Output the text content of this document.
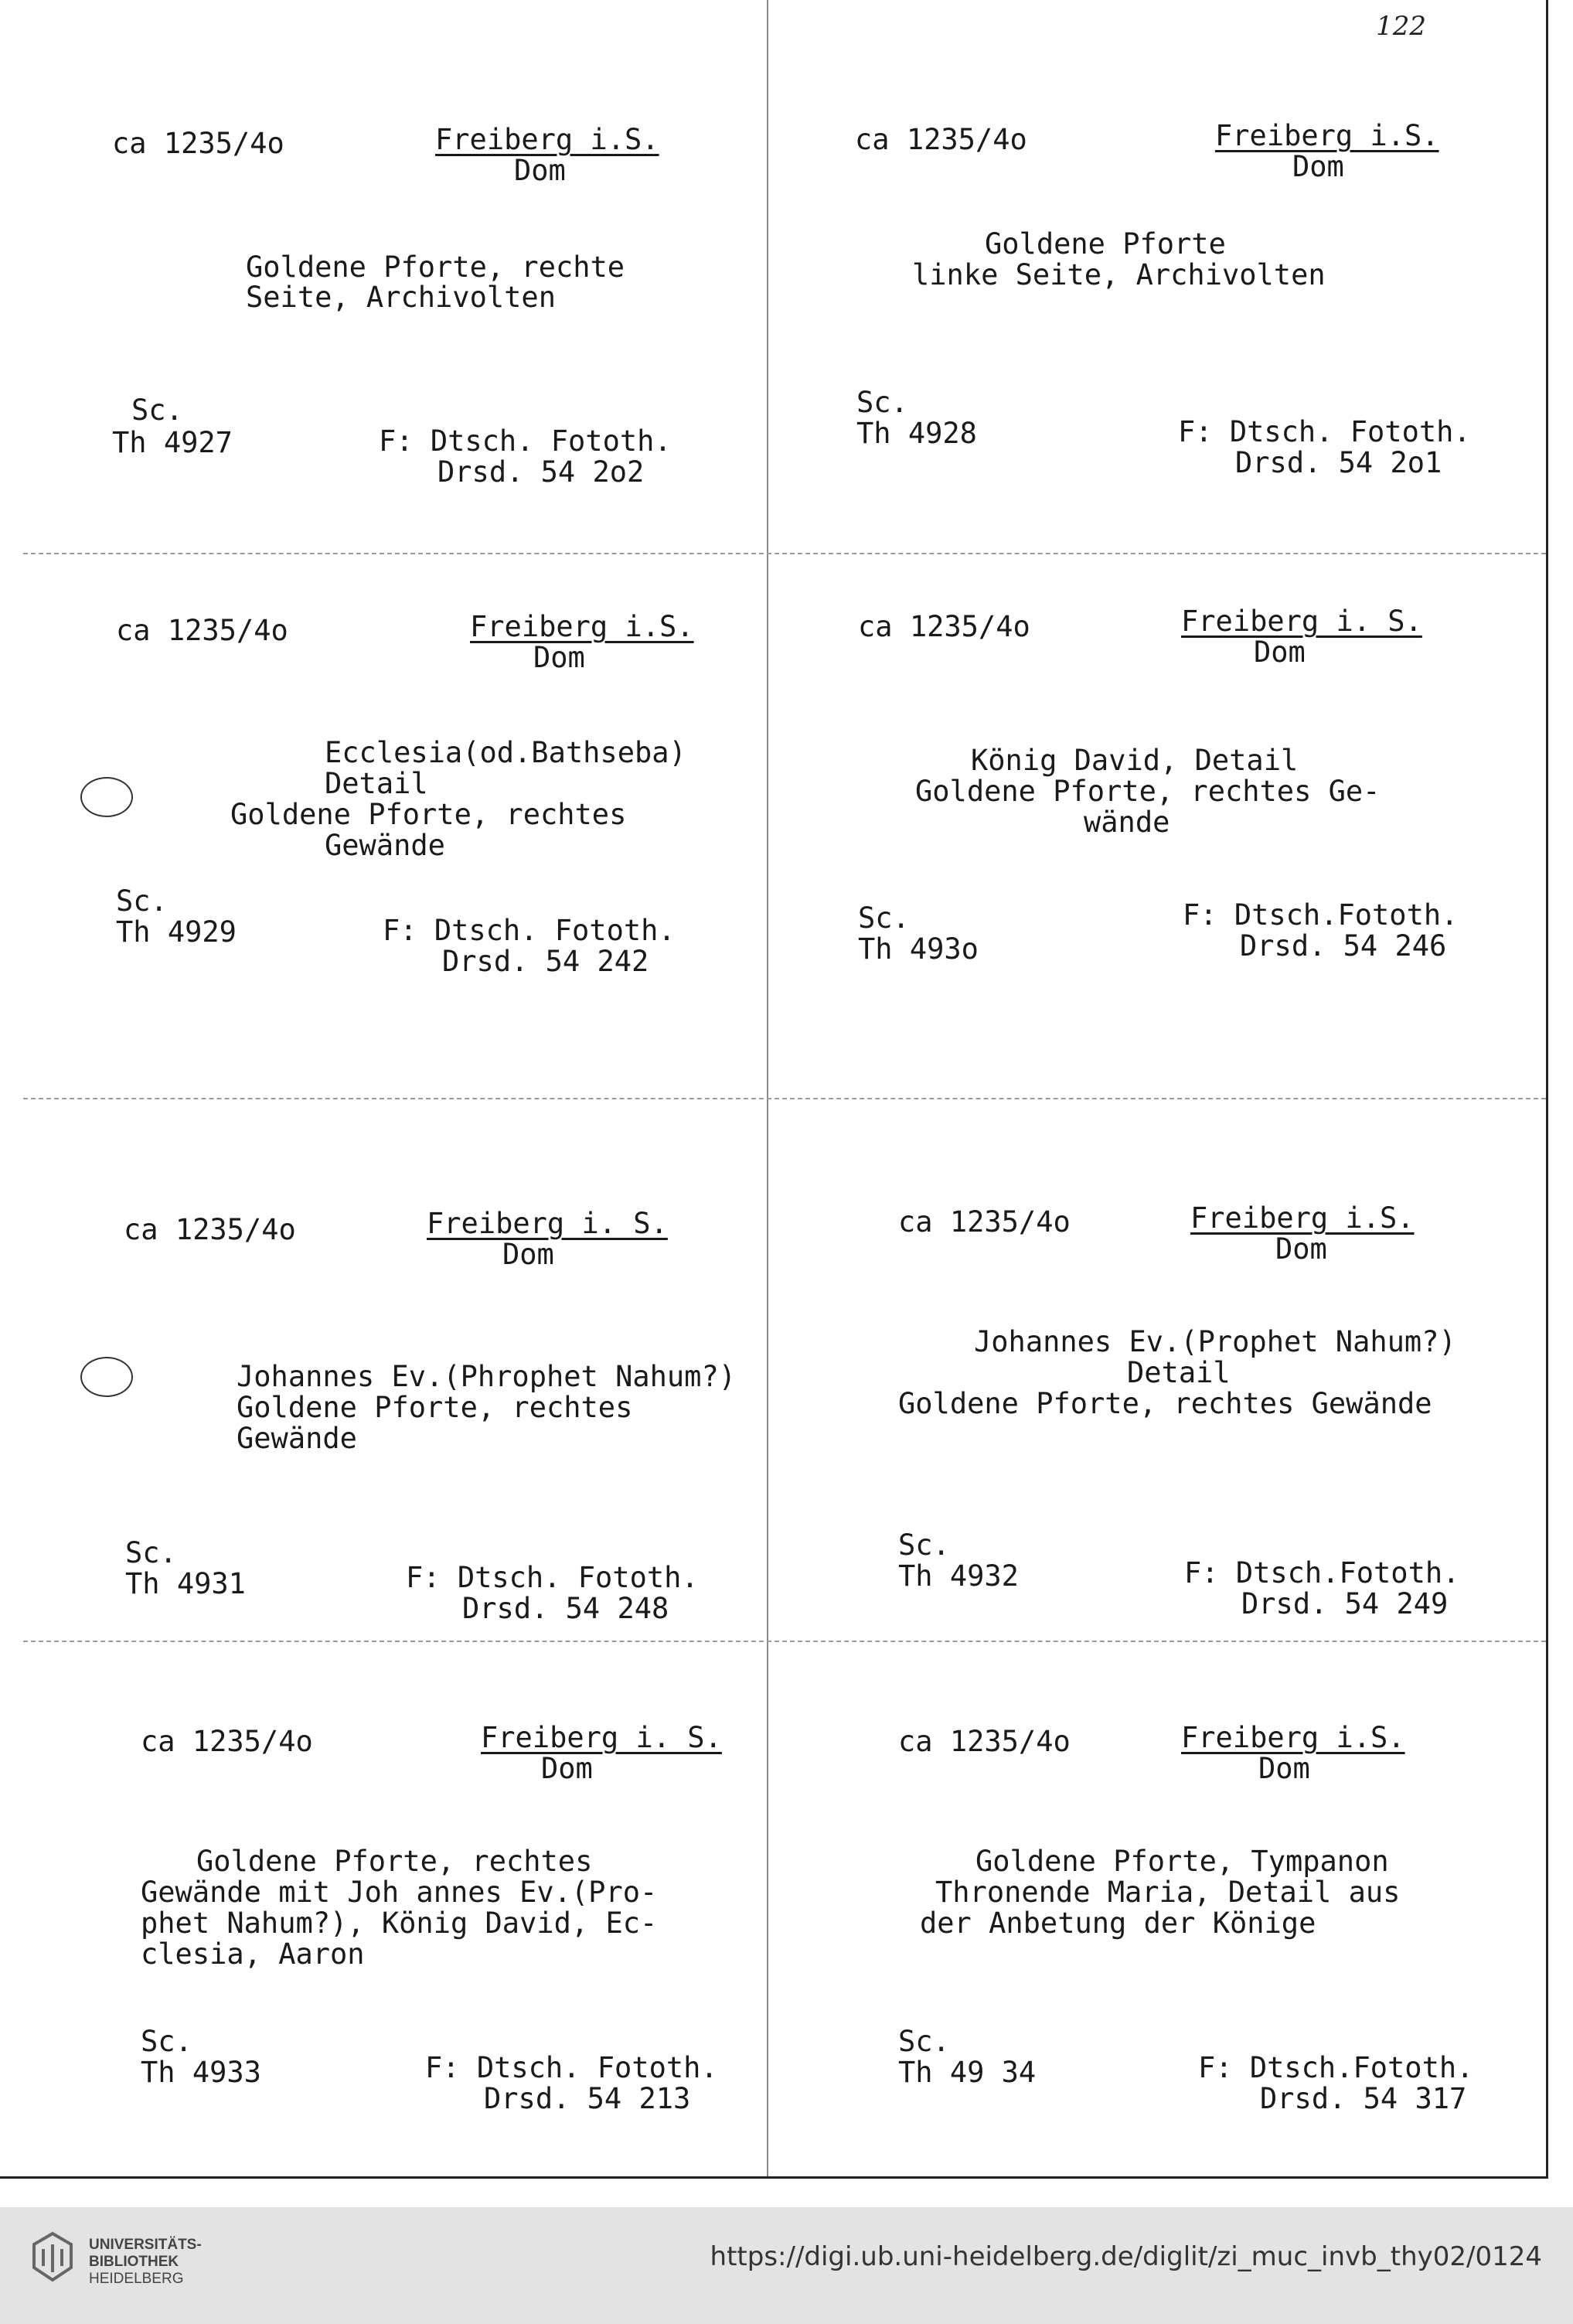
122
ca 1235/4o	Freiberg i.S.
Dom
Goldene Pforte, rechte
Seite, Archivolten
Sc.
Th 4927	F: Dtsch. Fototh.
Drsd. 54 2o2
ca 1235/4o	Freiberg i.S.
Dom
Goldene Pforte
linke Seite, Archivolten
Sc.
Th 4928	F: Dtsch. Fototh.
Drsd. 54 2o1
ca 1235/4o	Freiberg i.S.
Dom
Ecclesia(od.Bathseba)
Detail
Goldene Pforte, rechtes
Gewände
Sc.
Th 4929	F: Dtsch. Fototh.
Drsd. 54 242
ca 1235/4o	Freiberg i. S.
Dom
König David, Detail
Goldene Pforte, rechtes Ge-
wände
Sc.
Th 493o
F: Dtsch.Fototh.
Drsd. 54 246
ca 1235/4o	Freiberg i. S.
Dom
Johannes Ev.(Phrophet Nahum?)
Goldene Pforte, rechtes
Gewände
Sc.
Th 4931	F: Dtsch. Fototh.
Drsd. 54 248
ca 1235/4o	Freiberg i.S.
Dom
Johannes Ev.(Prophet Nahum?)
Detail
Goldene Pforte, rechtes Gewände
Sc.
Th 4932	F: Dtsch.Fototh.
Drsd. 54 249
ca 1235/4o	Freiberg i. S.
Dom
Goldene Pforte, rechtes
Gewände mit Joh annes Ev.(Pro-
phet Nahum?), König David, Ec-
clesia, Aaron
Sc.
Th 4933	F: Dtsch. Fototh.
Drsd. 54 213
ca 1235/4o	Freiberg i.S.
Dom
Goldene Pforte, Tympanon
Thronende Maria, Detail aus
der Anbetung der Könige
Sc.
Th 49 34	F: Dtsch.Fototh.
Drsd. 54 317
UNIVERSITÄTS-
BIBLIOTHEK
HEIDELBERG
https://digi.ub.uni-heidelberg.de/diglit/zi_muc_invb_thy02/0124
